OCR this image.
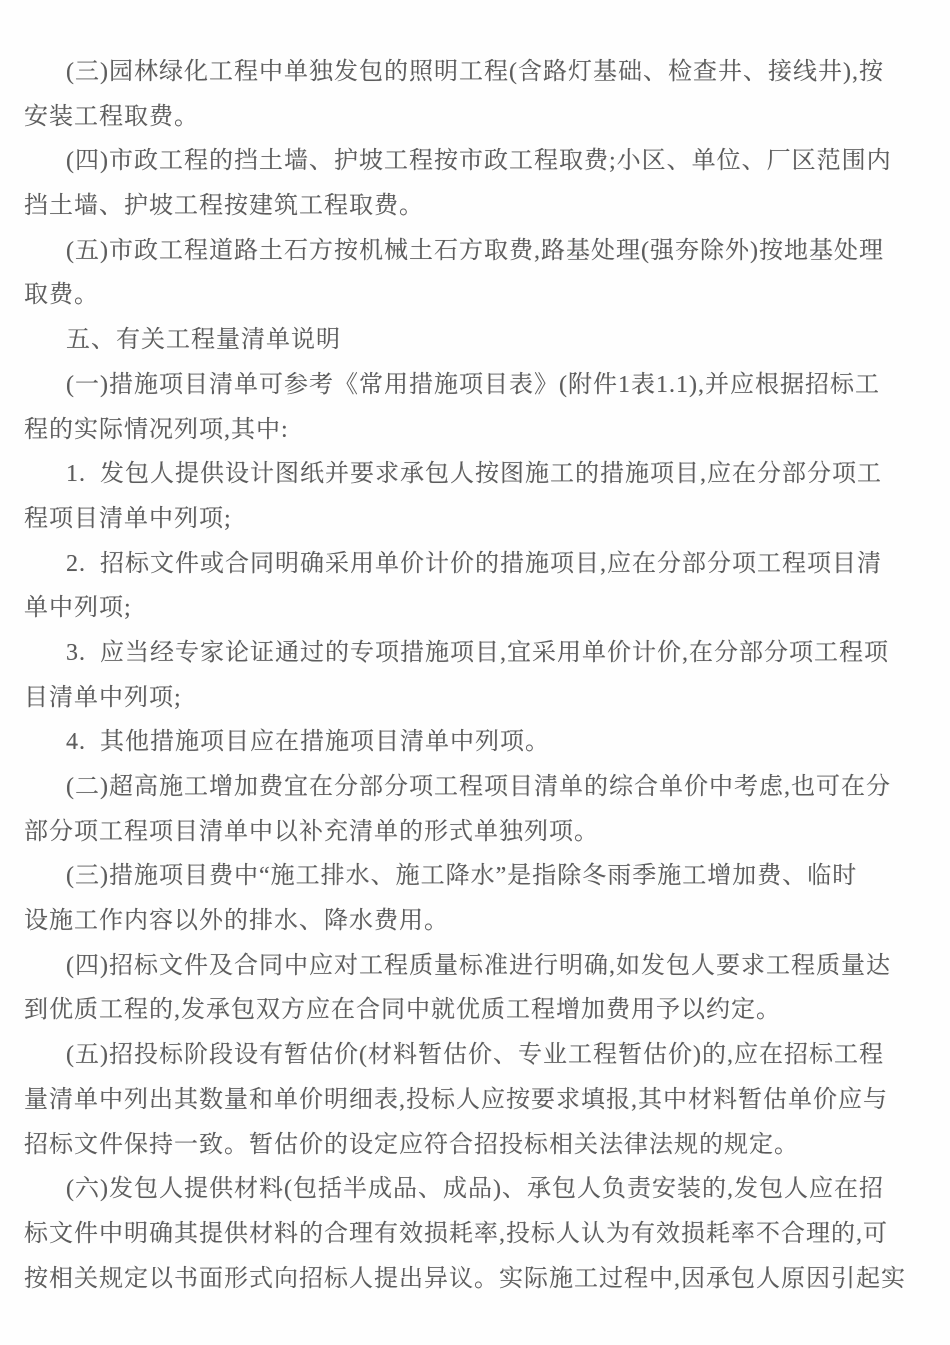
(三)园林绿化工程中单独发包的照明工程(含路灯基础、检查井、接线井),按
安装工程取费。
(四)市政工程的挡土墙、护坡工程按市政工程取费;小区、单位、厂区范围内
挡土墙、护坡工程按建筑工程取费。
(五)市政工程道路土石方按机械土石方取费,路基处理(强夯除外)按地基处理
取费。
五、有关工程量清单说明
(一)措施项目清单可参考《常用措施项目表》(附件1表1.1),并应根据招标工
程的实际情况列项,其中:
1.  发包人提供设计图纸并要求承包人按图施工的措施项目,应在分部分项工
程项目清单中列项;
2.  招标文件或合同明确采用单价计价的措施项目,应在分部分项工程项目清
单中列项;
3.  应当经专家论证通过的专项措施项目,宜采用单价计价,在分部分项工程项
目清单中列项;
4.  其他措施项目应在措施项目清单中列项。
(二)超高施工增加费宜在分部分项工程项目清单的综合单价中考虑,也可在分
部分项工程项目清单中以补充清单的形式单独列项。
(三)措施项目费中“施工排水、施工降水”是指除冬雨季施工增加费、临时
设施工作内容以外的排水、降水费用。
(四)招标文件及合同中应对工程质量标准进行明确,如发包人要求工程质量达
到优质工程的,发承包双方应在合同中就优质工程增加费用予以约定。
(五)招投标阶段设有暂估价(材料暂估价、专业工程暂估价)的,应在招标工程
量清单中列出其数量和单价明细表,投标人应按要求填报,其中材料暂估单价应与
招标文件保持一致。暂估价的设定应符合招投标相关法律法规的规定。
(六)发包人提供材料(包括半成品、成品)、承包人负责安装的,发包人应在招
标文件中明确其提供材料的合理有效损耗率,投标人认为有效损耗率不合理的,可
按相关规定以书面形式向招标人提出异议。实际施工过程中,因承包人原因引起实
